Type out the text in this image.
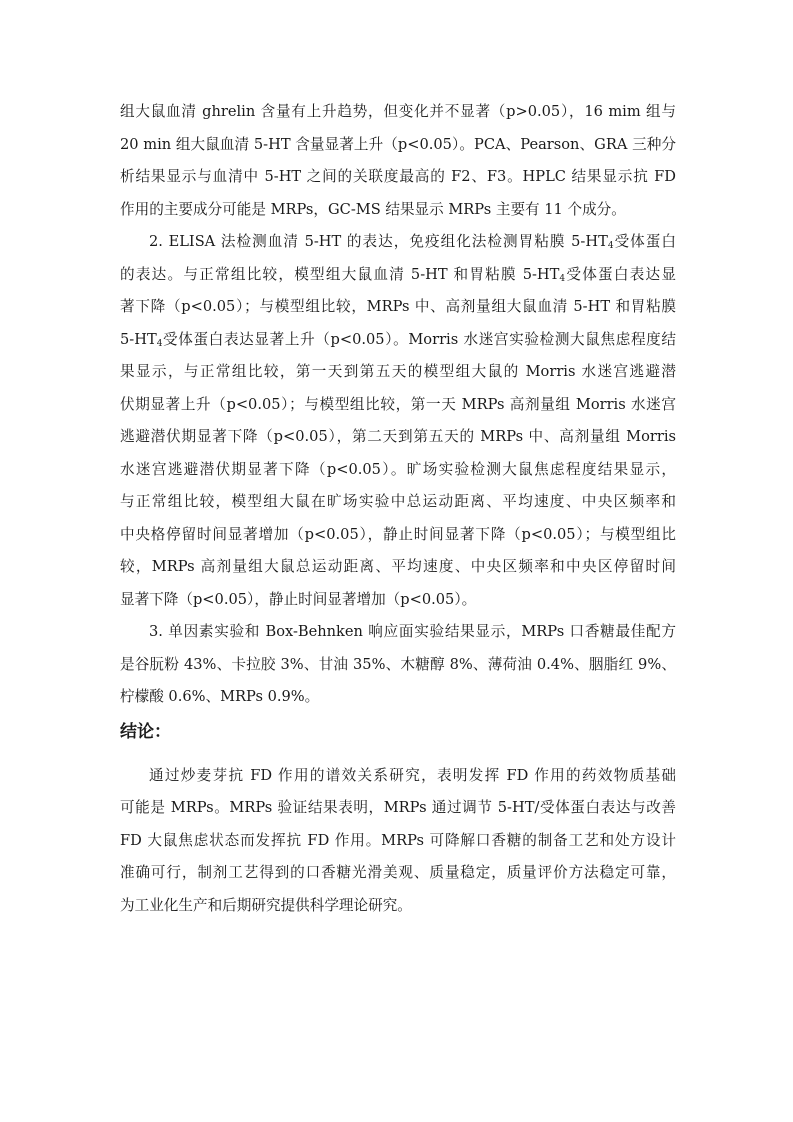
组大鼠血清 ghrelin 含量有上升趋势，但变化并不显著（p>0.05），16 mim 组与
20 min 组大鼠血清 5-HT 含量显著上升（p<0.05）。PCA、Pearson、GRA 三种分
析结果显示与血清中 5-HT 之间的关联度最高的 F2、F3。HPLC 结果显示抗 FD
作用的主要成分可能是 MRPs，GC-MS 结果显示 MRPs 主要有 11 个成分。
2. ELISA 法检测血清 5-HT 的表达，免疫组化法检测胃粘膜 $5-HT_4$受体蛋白
的表达。与正常组比较，模型组大鼠血清 5-HT 和胃粘膜 $5-HT_4$受体蛋白表达显
著下降（p<0.05）；与模型组比较，MRPs 中、高剂量组大鼠血清 5-HT 和胃粘膜
$5-HT_4$受体蛋白表达显著上升（p<0.05）。Morris 水迷宫实验检测大鼠焦虑程度结
果显示，与正常组比较，第一天到第五天的模型组大鼠的 Morris 水迷宫逃避潜
伏期显著上升（p<0.05）；与模型组比较，第一天 MRPs 高剂量组 Morris 水迷宫
逃避潜伏期显著下降（p<0.05），第二天到第五天的 MRPs 中、高剂量组 Morris
水迷宫逃避潜伏期显著下降（p<0.05）。旷场实验检测大鼠焦虑程度结果显示，
与正常组比较，模型组大鼠在旷场实验中总运动距离、平均速度、中央区频率和
中央格停留时间显著增加（p<0.05），静止时间显著下降（p<0.05）；与模型组比
较，MRPs 高剂量组大鼠总运动距离、平均速度、中央区频率和中央区停留时间
显著下降（p<0.05），静止时间显著增加（p<0.05）。
3. 单因素实验和 Box-Behnken 响应面实验结果显示，MRPs 口香糖最佳配方
是谷朊粉 43%、卡拉胶 3%、甘油 35%、木糖醇 8%、薄荷油 0.4%、胭脂红 9%、
柠檬酸 0.6%、MRPs 0.9%。
结论：
通过炒麦芽抗 FD 作用的谱效关系研究，表明发挥 FD 作用的药效物质基础
可能是 MRPs。MRPs 验证结果表明，MRPs 通过调节 5-HT/受体蛋白表达与改善
FD 大鼠焦虑状态而发挥抗 FD 作用。MRPs 可降解口香糖的制备工艺和处方设计
准确可行，制剂工艺得到的口香糖光滑美观、质量稳定，质量评价方法稳定可靠，
为工业化生产和后期研究提供科学理论研究。
